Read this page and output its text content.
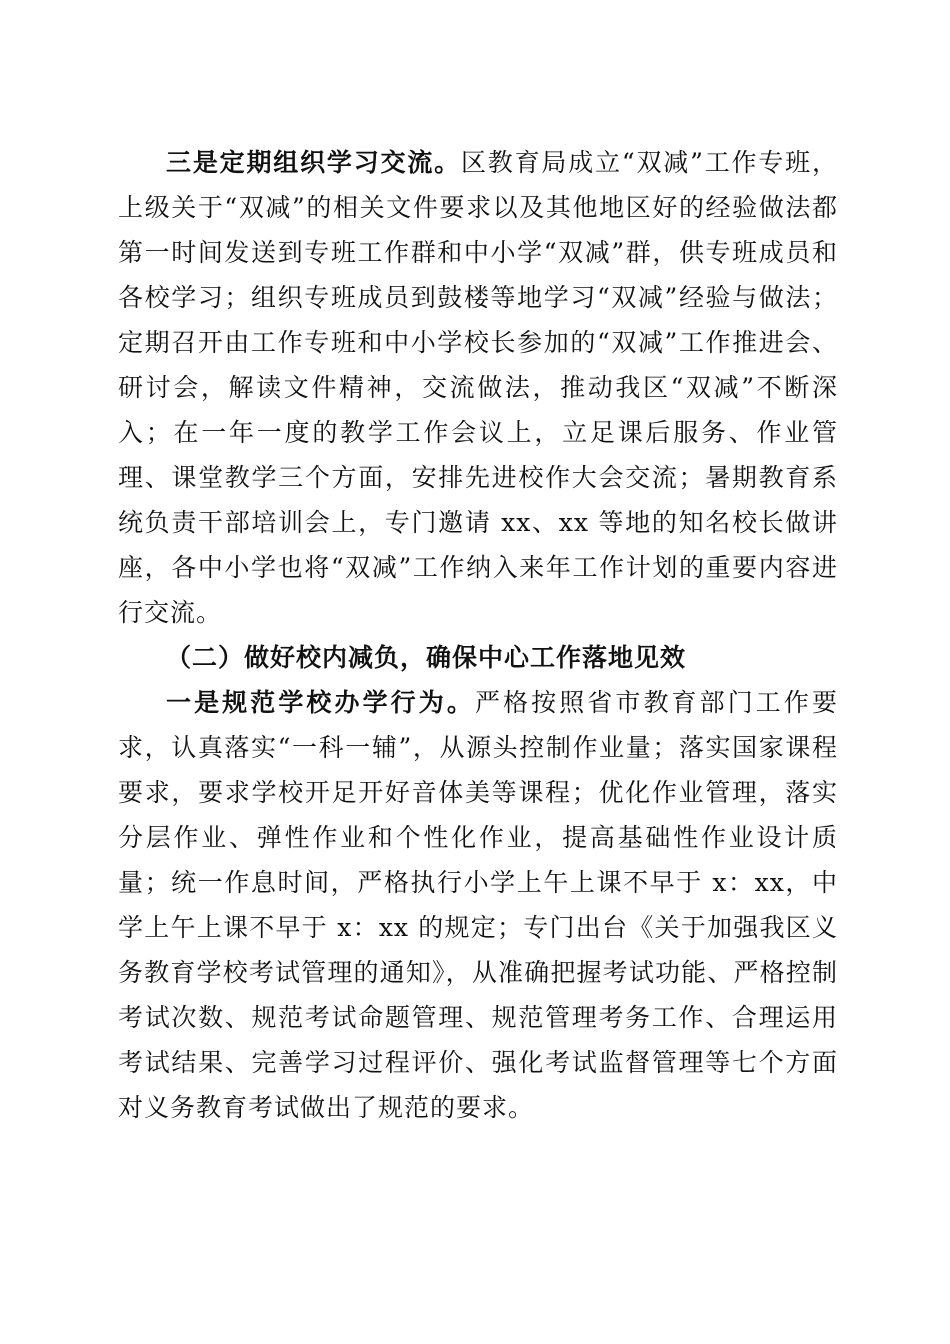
三是定期组织学习交流。区教育局成立“双减”工作专班，上级关于“双减”的相关文件要求以及其他地区好的经验做法都第一时间发送到专班工作群和中小学“双减”群，供专班成员和各校学习；组织专班成员到鼓楼等地学习“双减”经验与做法；定期召开由工作专班和中小学校长参加的“双减”工作推进会、研讨会，解读文件精神，交流做法，推动我区“双减”不断深入；在一年一度的教学工作会议上，立足课后服务、作业管理、课堂教学三个方面，安排先进校作大会交流；暑期教育系统负责干部培训会上，专门邀请 xx、xx 等地的知名校长做讲座，各中小学也将“双减”工作纳入来年工作计划的重要内容进行交流。

（二）做好校内减负，确保中心工作落地见效

一是规范学校办学行为。严格按照省市教育部门工作要求，认真落实“一科一辅”，从源头控制作业量；落实国家课程要求，要求学校开足开好音体美等课程；优化作业管理，落实分层作业、弹性作业和个性化作业，提高基础性作业设计质量；统一作息时间，严格执行小学上午上课不早于 x：xx，中学上午上课不早于 x：xx 的规定；专门出台《关于加强我区义务教育学校考试管理的通知》，从准确把握考试功能、严格控制考试次数、规范考试命题管理、规范管理考务工作、合理运用考试结果、完善学习过程评价、强化考试监督管理等七个方面对义务教育考试做出了规范的要求。
